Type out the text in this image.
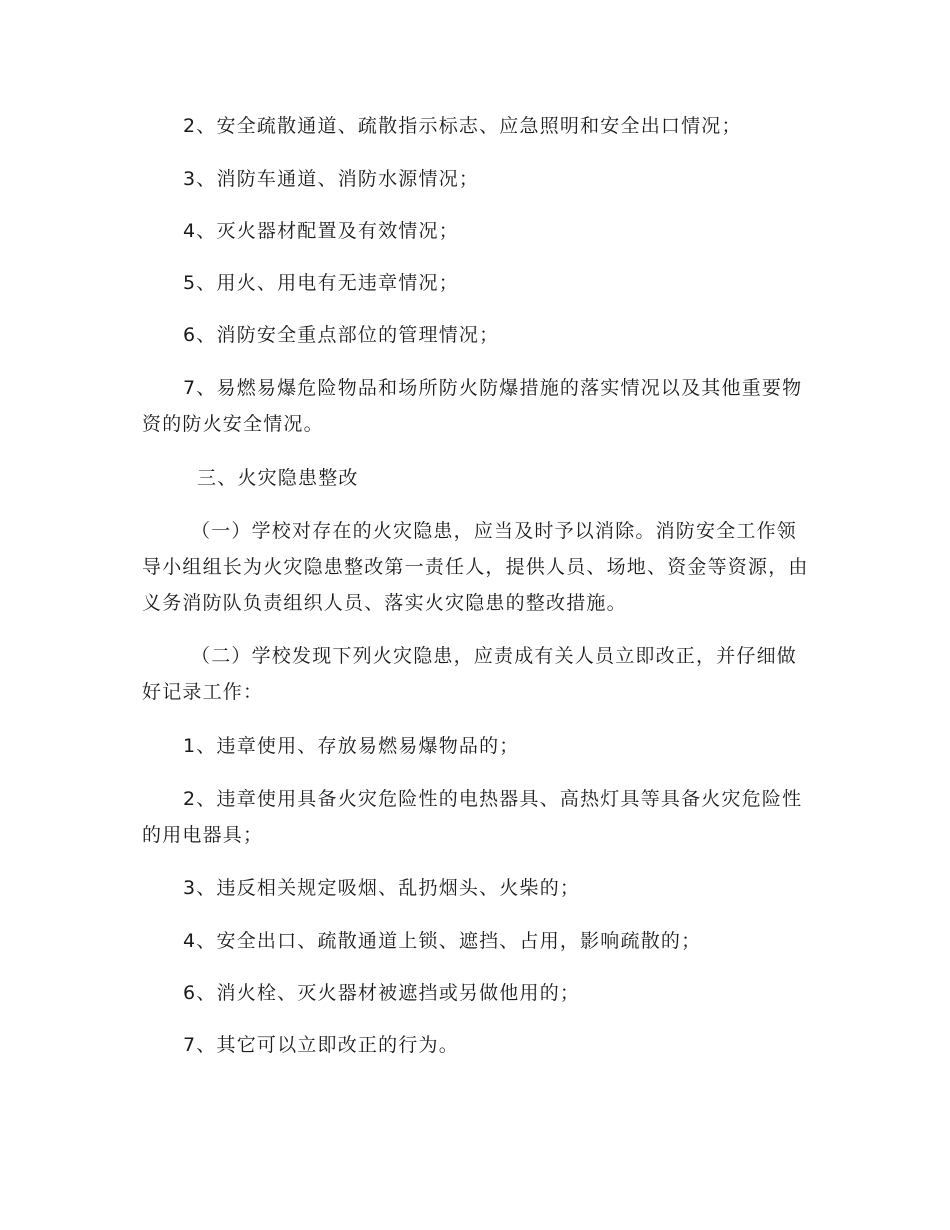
2、安全疏散通道、疏散指示标志、应急照明和安全出口情况；

3、消防车通道、消防水源情况；

4、灭火器材配置及有效情况；

5、用火、用电有无违章情况；

6、消防安全重点部位的管理情况；

7、易燃易爆危险物品和场所防火防爆措施的落实情况以及其他重要物资的防火安全情况。

三、火灾隐患整改

（一）学校对存在的火灾隐患，应当及时予以消除。消防安全工作领导小组组长为火灾隐患整改第一责任人，提供人员、场地、资金等资源，由义务消防队负责组织人员、落实火灾隐患的整改措施。

（二）学校发现下列火灾隐患，应责成有关人员立即改正，并仔细做好记录工作：

1、违章使用、存放易燃易爆物品的；

2、违章使用具备火灾危险性的电热器具、高热灯具等具备火灾危险性的用电器具；

3、违反相关规定吸烟、乱扔烟头、火柴的；

4、安全出口、疏散通道上锁、遮挡、占用，影响疏散的；

6、消火栓、灭火器材被遮挡或另做他用的；

7、其它可以立即改正的行为。
